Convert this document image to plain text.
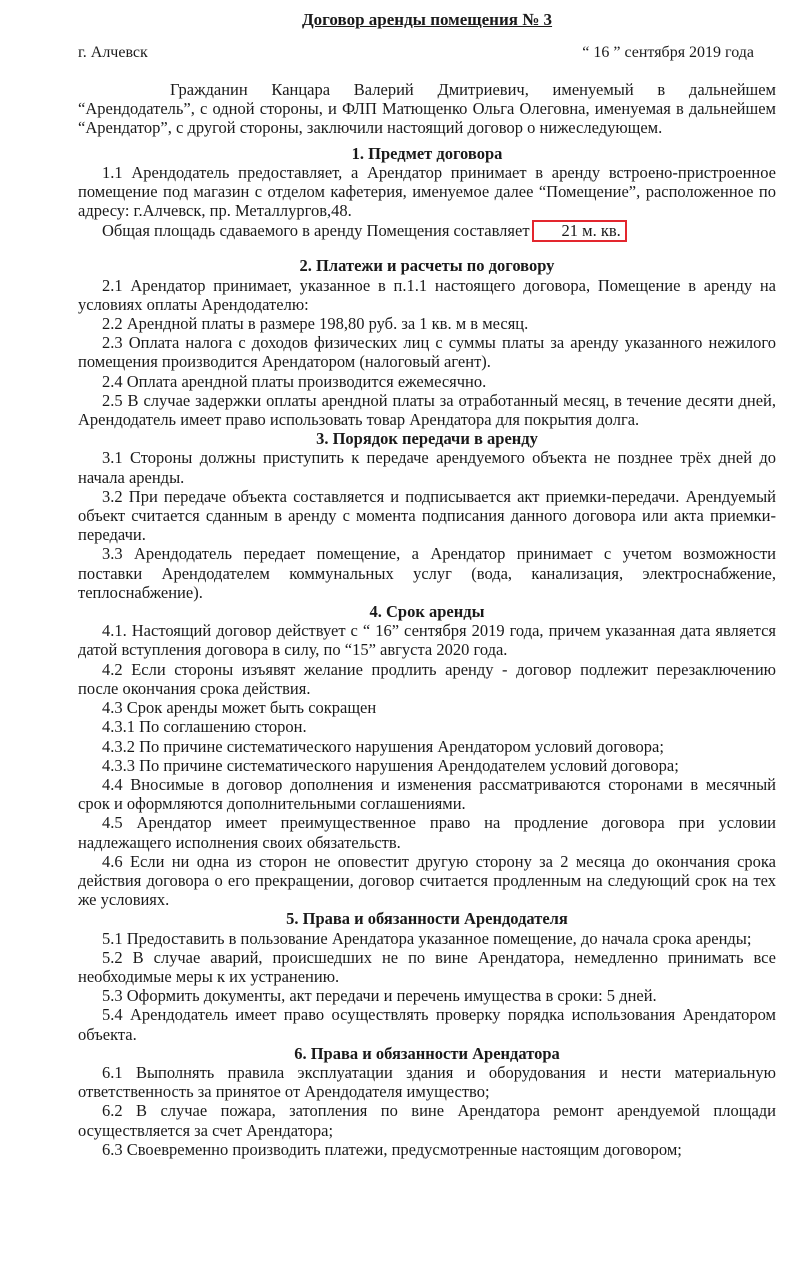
Договор аренды помещения № 3
г. Алчевск	“ 16 ” сентября 2019 года

Гражданин Канцара Валерий Дмитриевич, именуемый в дальнейшем “Арендодатель”, с одной стороны, и ФЛП Матющенко Ольга Олеговна, именуемая в дальнейшем “Арендатор”, с другой стороны, заключили настоящий договор о нижеследующем.

1. Предмет договора

1.1 Арендодатель предоставляет, а Арендатор принимает в аренду встроено-пристроенное помещение под магазин с отделом кафетерия, именуемое далее “Помещение”, расположенное по адресу: г.Алчевск, пр. Металлургов,48.

Общая площадь сдаваемого в аренду Помещения составляет 21 м. кв.

2. Платежи и расчеты по договору

2.1 Арендатор принимает, указанное в п.1.1 настоящего договора, Помещение в аренду на условиях оплаты Арендодателю:

2.2 Арендной платы в размере 198,80 руб. за 1 кв. м в месяц.

2.3 Оплата налога с доходов физических лиц с суммы платы за аренду указанного нежилого помещения производится Арендатором (налоговый агент).

2.4 Оплата арендной платы производится ежемесячно.

2.5 В случае задержки оплаты арендной платы за отработанный месяц, в течение десяти дней, Арендодатель имеет право использовать товар Арендатора для покрытия долга.

3. Порядок передачи в аренду

3.1 Стороны должны приступить к передаче арендуемого объекта не позднее трёх дней до начала аренды.

3.2 При передаче объекта составляется и подписывается акт приемки-передачи. Арендуемый объект считается сданным в аренду с момента подписания данного договора или акта приемки-передачи.

3.3 Арендодатель передает помещение, а Арендатор принимает с учетом возможности поставки Арендодателем коммунальных услуг (вода, канализация, электроснабжение, теплоснабжение).

4. Срок аренды

4.1. Настоящий договор действует с “ 16” сентября 2019 года, причем указанная дата является датой вступления договора в силу, по “15” августа 2020 года.

4.2 Если стороны изъявят желание продлить аренду - договор подлежит перезаключению после окончания срока действия.

4.3 Срок аренды может быть сокращен

4.3.1 По соглашению сторон.

4.3.2 По причине систематического нарушения Арендатором условий договора;

4.3.3 По причине систематического нарушения Арендодателем условий договора;

4.4 Вносимые в договор дополнения и изменения рассматриваются сторонами в месячный срок и оформляются дополнительными соглашениями.

4.5 Арендатор имеет преимущественное право на продление договора при условии надлежащего исполнения своих обязательств.

4.6 Если ни одна из сторон не оповестит другую сторону за 2 месяца до окончания срока действия договора о его прекращении, договор считается продленным на следующий срок на тех же условиях.

5. Права и обязанности Арендодателя

5.1 Предоставить в пользование Арендатора указанное помещение, до начала срока аренды;

5.2 В случае аварий, происшедших не по вине Арендатора, немедленно принимать все необходимые меры к их устранению.

5.3 Оформить документы, акт передачи и перечень имущества в сроки: 5 дней.

5.4 Арендодатель имеет право осуществлять проверку порядка использования Арендатором объекта.

6. Права и обязанности Арендатора

6.1 Выполнять правила эксплуатации здания и оборудования и нести материальную ответственность за принятое от Арендодателя имущество;

6.2 В случае пожара, затопления по вине Арендатора ремонт арендуемой площади осуществляется за счет Арендатора;

6.3 Своевременно производить платежи, предусмотренные настоящим договором;
